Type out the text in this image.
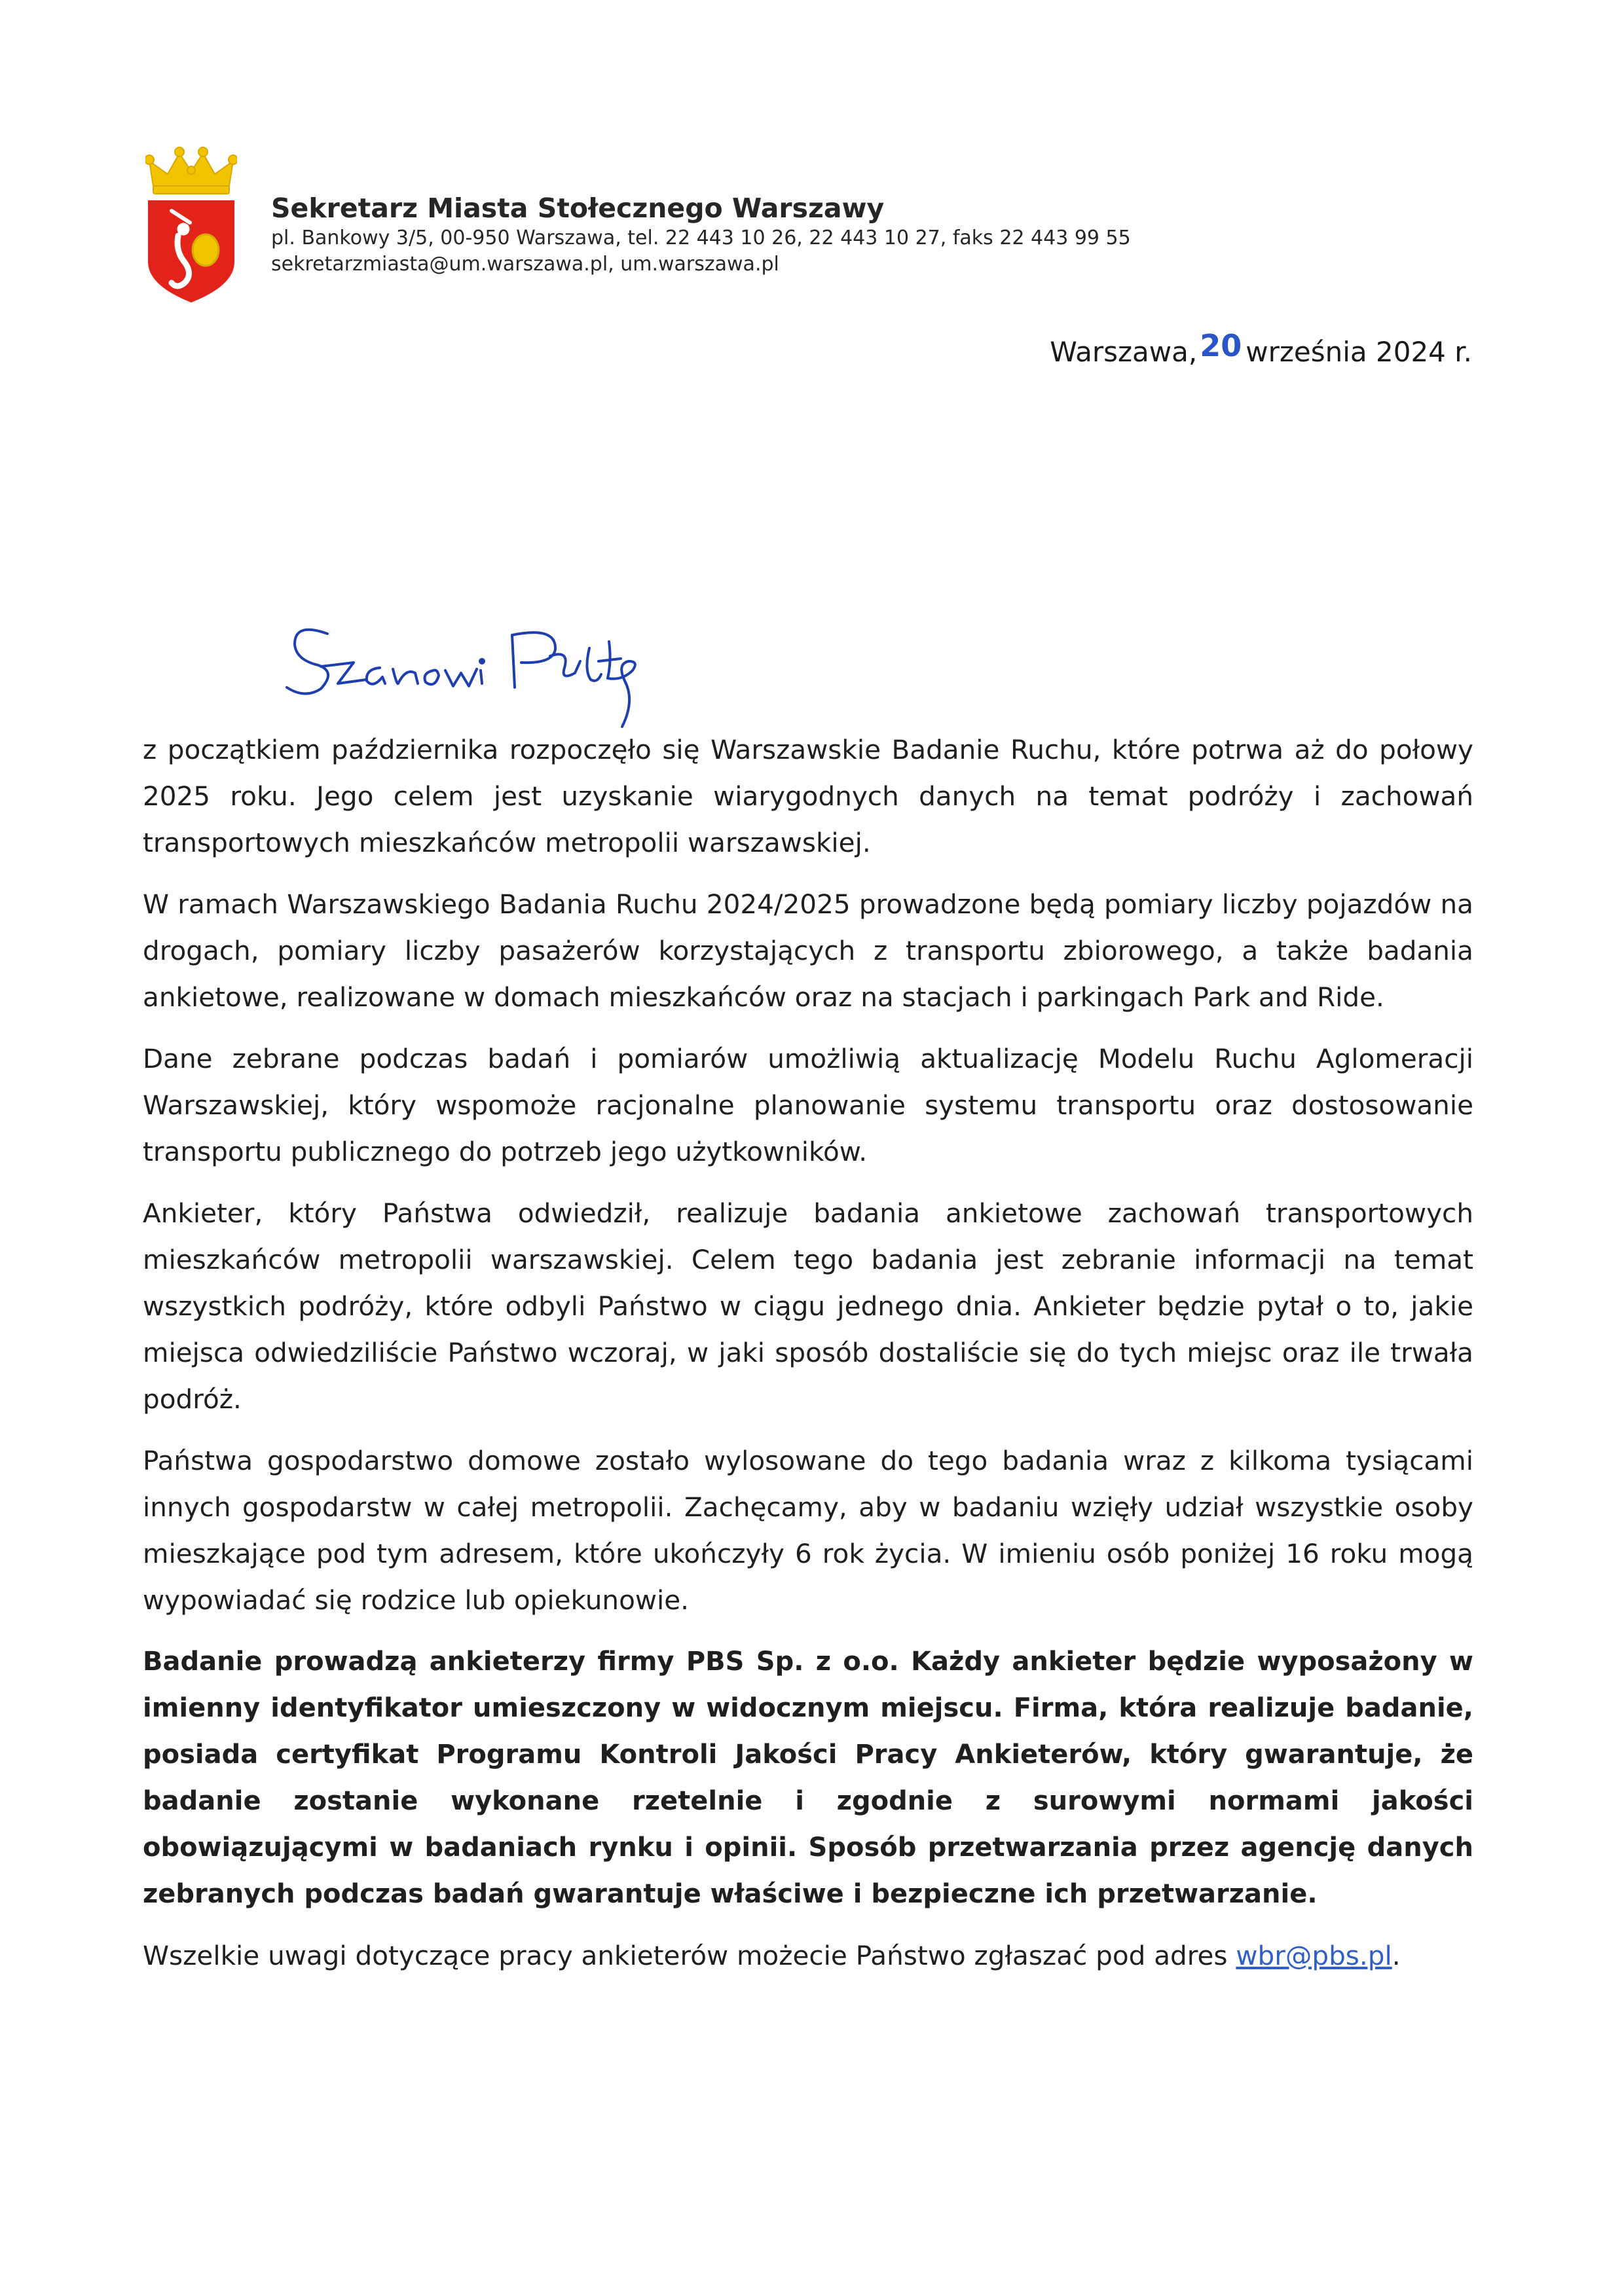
Sekretarz Miasta Stołecznego Warszawy
pl. Bankowy 3/5, 00-950 Warszawa, tel. 22 443 10 26, 22 443 10 27, faks 22 443 99 55
sekretarzmiasta@um.warszawa.pl, um.warszawa.pl
Warszawa,20 września 2024 r.

z początkiem października rozpoczęło się Warszawskie Badanie Ruchu, które potrwa aż do połowy 2025 roku. Jego celem jest uzyskanie wiarygodnych danych na temat podróży i zachowań transportowych mieszkańców metropolii warszawskiej.

W ramach Warszawskiego Badania Ruchu 2024/2025 prowadzone będą pomiary liczby pojazdów na drogach, pomiary liczby pasażerów korzystających z transportu zbiorowego, a także badania ankietowe, realizowane w domach mieszkańców oraz na stacjach i parkingach Park and Ride.

Dane zebrane podczas badań i pomiarów umożliwią aktualizację Modelu Ruchu Aglomeracji Warszawskiej, który wspomoże racjonalne planowanie systemu transportu oraz dostosowanie transportu publicznego do potrzeb jego użytkowników.

Ankieter, który Państwa odwiedził, realizuje badania ankietowe zachowań transportowych mieszkańców metropolii warszawskiej. Celem tego badania jest zebranie informacji na temat wszystkich podróży, które odbyli Państwo w ciągu jednego dnia. Ankieter będzie pytał o to, jakie miejsca odwiedziliście Państwo wczoraj, w jaki sposób dostaliście się do tych miejsc oraz ile trwała podróż.

Państwa gospodarstwo domowe zostało wylosowane do tego badania wraz z kilkoma tysiącami innych gospodarstw w całej metropolii. Zachęcamy, aby w badaniu wzięły udział wszystkie osoby mieszkające pod tym adresem, które ukończyły 6 rok życia. W imieniu osób poniżej 16 roku mogą wypowiadać się rodzice lub opiekunowie.

Badanie prowadzą ankieterzy firmy PBS Sp. z o.o. Każdy ankieter będzie wyposażony w imienny identyfikator umieszczony w widocznym miejscu. Firma, która realizuje badanie, posiada certyfikat Programu Kontroli Jakości Pracy Ankieterów, który gwarantuje, że badanie zostanie wykonane rzetelnie i zgodnie z surowymi normami jakości obowiązującymi w badaniach rynku i opinii. Sposób przetwarzania przez agencję danych zebranych podczas badań gwarantuje właściwe i bezpieczne ich przetwarzanie.

Wszelkie uwagi dotyczące pracy ankieterów możecie Państwo zgłaszać pod adres wbr@pbs.pl.
